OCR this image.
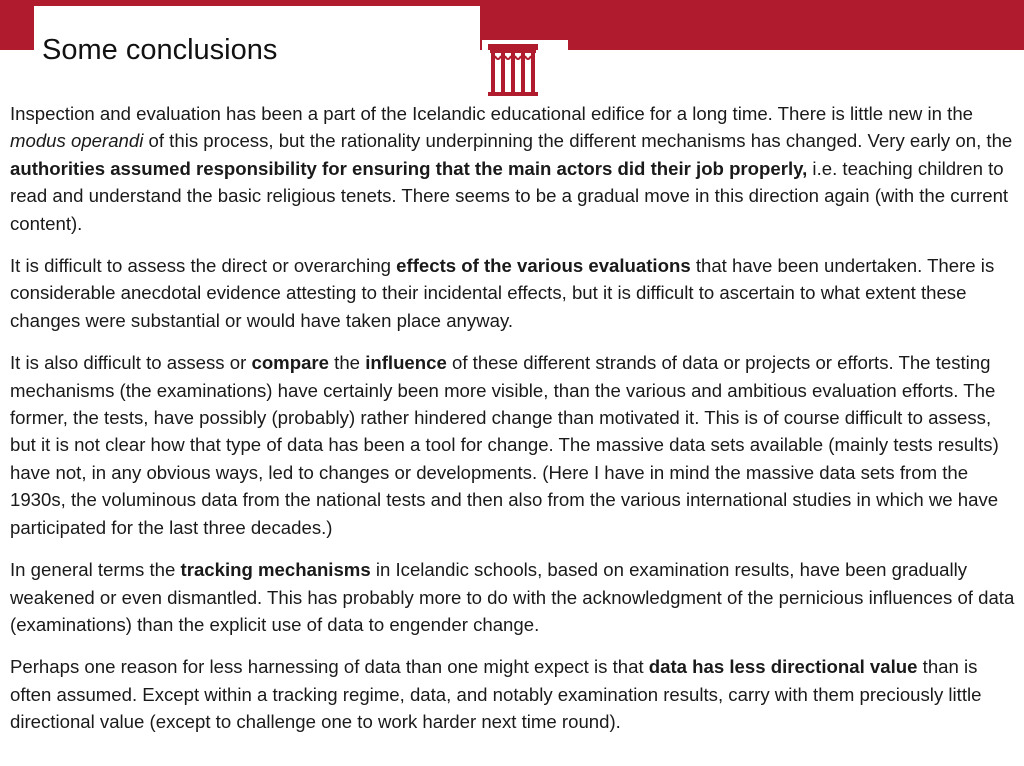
Some conclusions

Inspection and evaluation has been a part of the Icelandic educational edifice for a long time. There is little new in the modus operandi of this process, but the rationality underpinning the different mechanisms has changed. Very early on, the authorities assumed responsibility for ensuring that the main actors did their job properly, i.e. teaching children to read and understand the basic religious tenets. There seems to be a gradual move in this direction again (with the current content).

It is difficult to assess the direct or overarching effects of the various evaluations that have been undertaken. There is considerable anecdotal evidence attesting to their incidental effects, but it is difficult to ascertain to what extent these changes were substantial or would have taken place anyway.

It is also difficult to assess or compare the influence of these different strands of data or projects or efforts. The testing mechanisms (the examinations) have certainly been more visible, than the various and ambitious evaluation efforts. The former, the tests, have possibly (probably) rather hindered change than motivated it. This is of course difficult to assess, but it is not clear how that type of data has been a tool for change. The massive data sets available (mainly tests results) have not, in any obvious ways, led to changes or developments. (Here I have in mind the massive data sets from the 1930s, the voluminous data from the national tests and then also from the various international studies in which we have participated for the last three decades.)

In general terms the tracking mechanisms in Icelandic schools, based on examination results, have been gradually weakened or even dismantled. This has probably more to do with the acknowledgment of the pernicious influences of data (examinations) than the explicit use of data to engender change.

Perhaps one reason for less harnessing of data than one might expect is that data has less directional value than is often assumed. Except within a tracking regime, data, and notably examination results, carry with them preciously little directional value (except to challenge one to work harder next time round).
